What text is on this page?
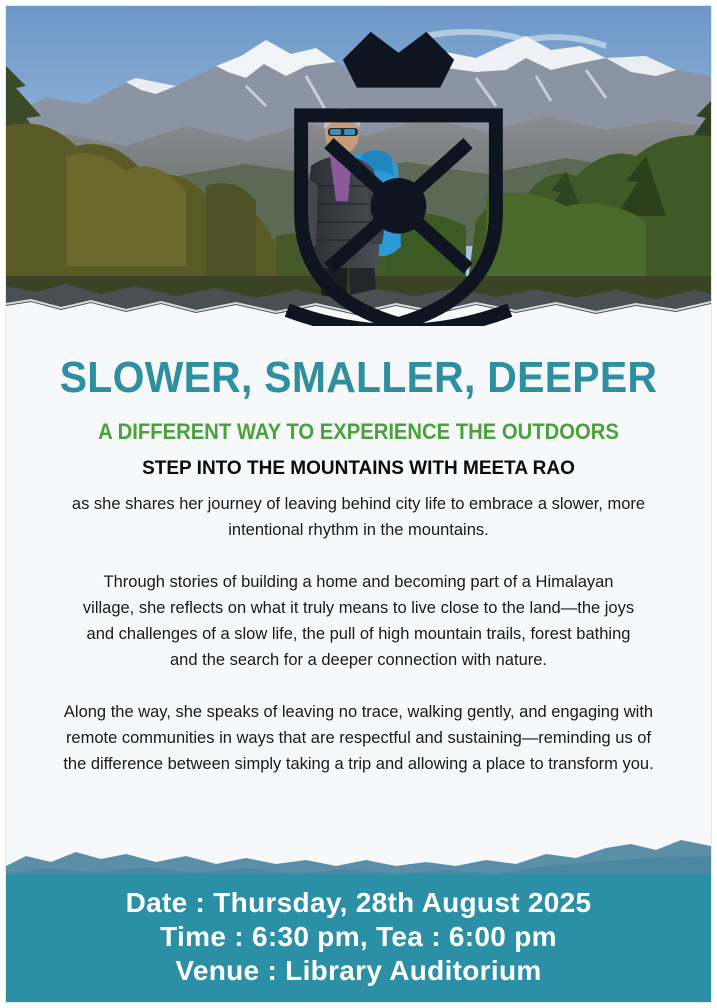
SLOWER, SMALLER, DEEPER
A DIFFERENT WAY TO EXPERIENCE THE OUTDOORS
STEP INTO THE MOUNTAINS WITH MEETA RAO

as she shares her journey of leaving behind city life to embrace a slower, more intentional rhythm in the mountains.

Through stories of building a home and becoming part of a Himalayan village, she reflects on what it truly means to live close to the land—the joys and challenges of a slow life, the pull of high mountain trails, forest bathing and the search for a deeper connection with nature.

Along the way, she speaks of leaving no trace, walking gently, and engaging with remote communities in ways that are respectful and sustaining—reminding us of the difference between simply taking a trip and allowing a place to transform you.

Date : Thursday, 28th August 2025

Time : 6:30 pm, Tea : 6:00 pm

Venue : Library Auditorium
